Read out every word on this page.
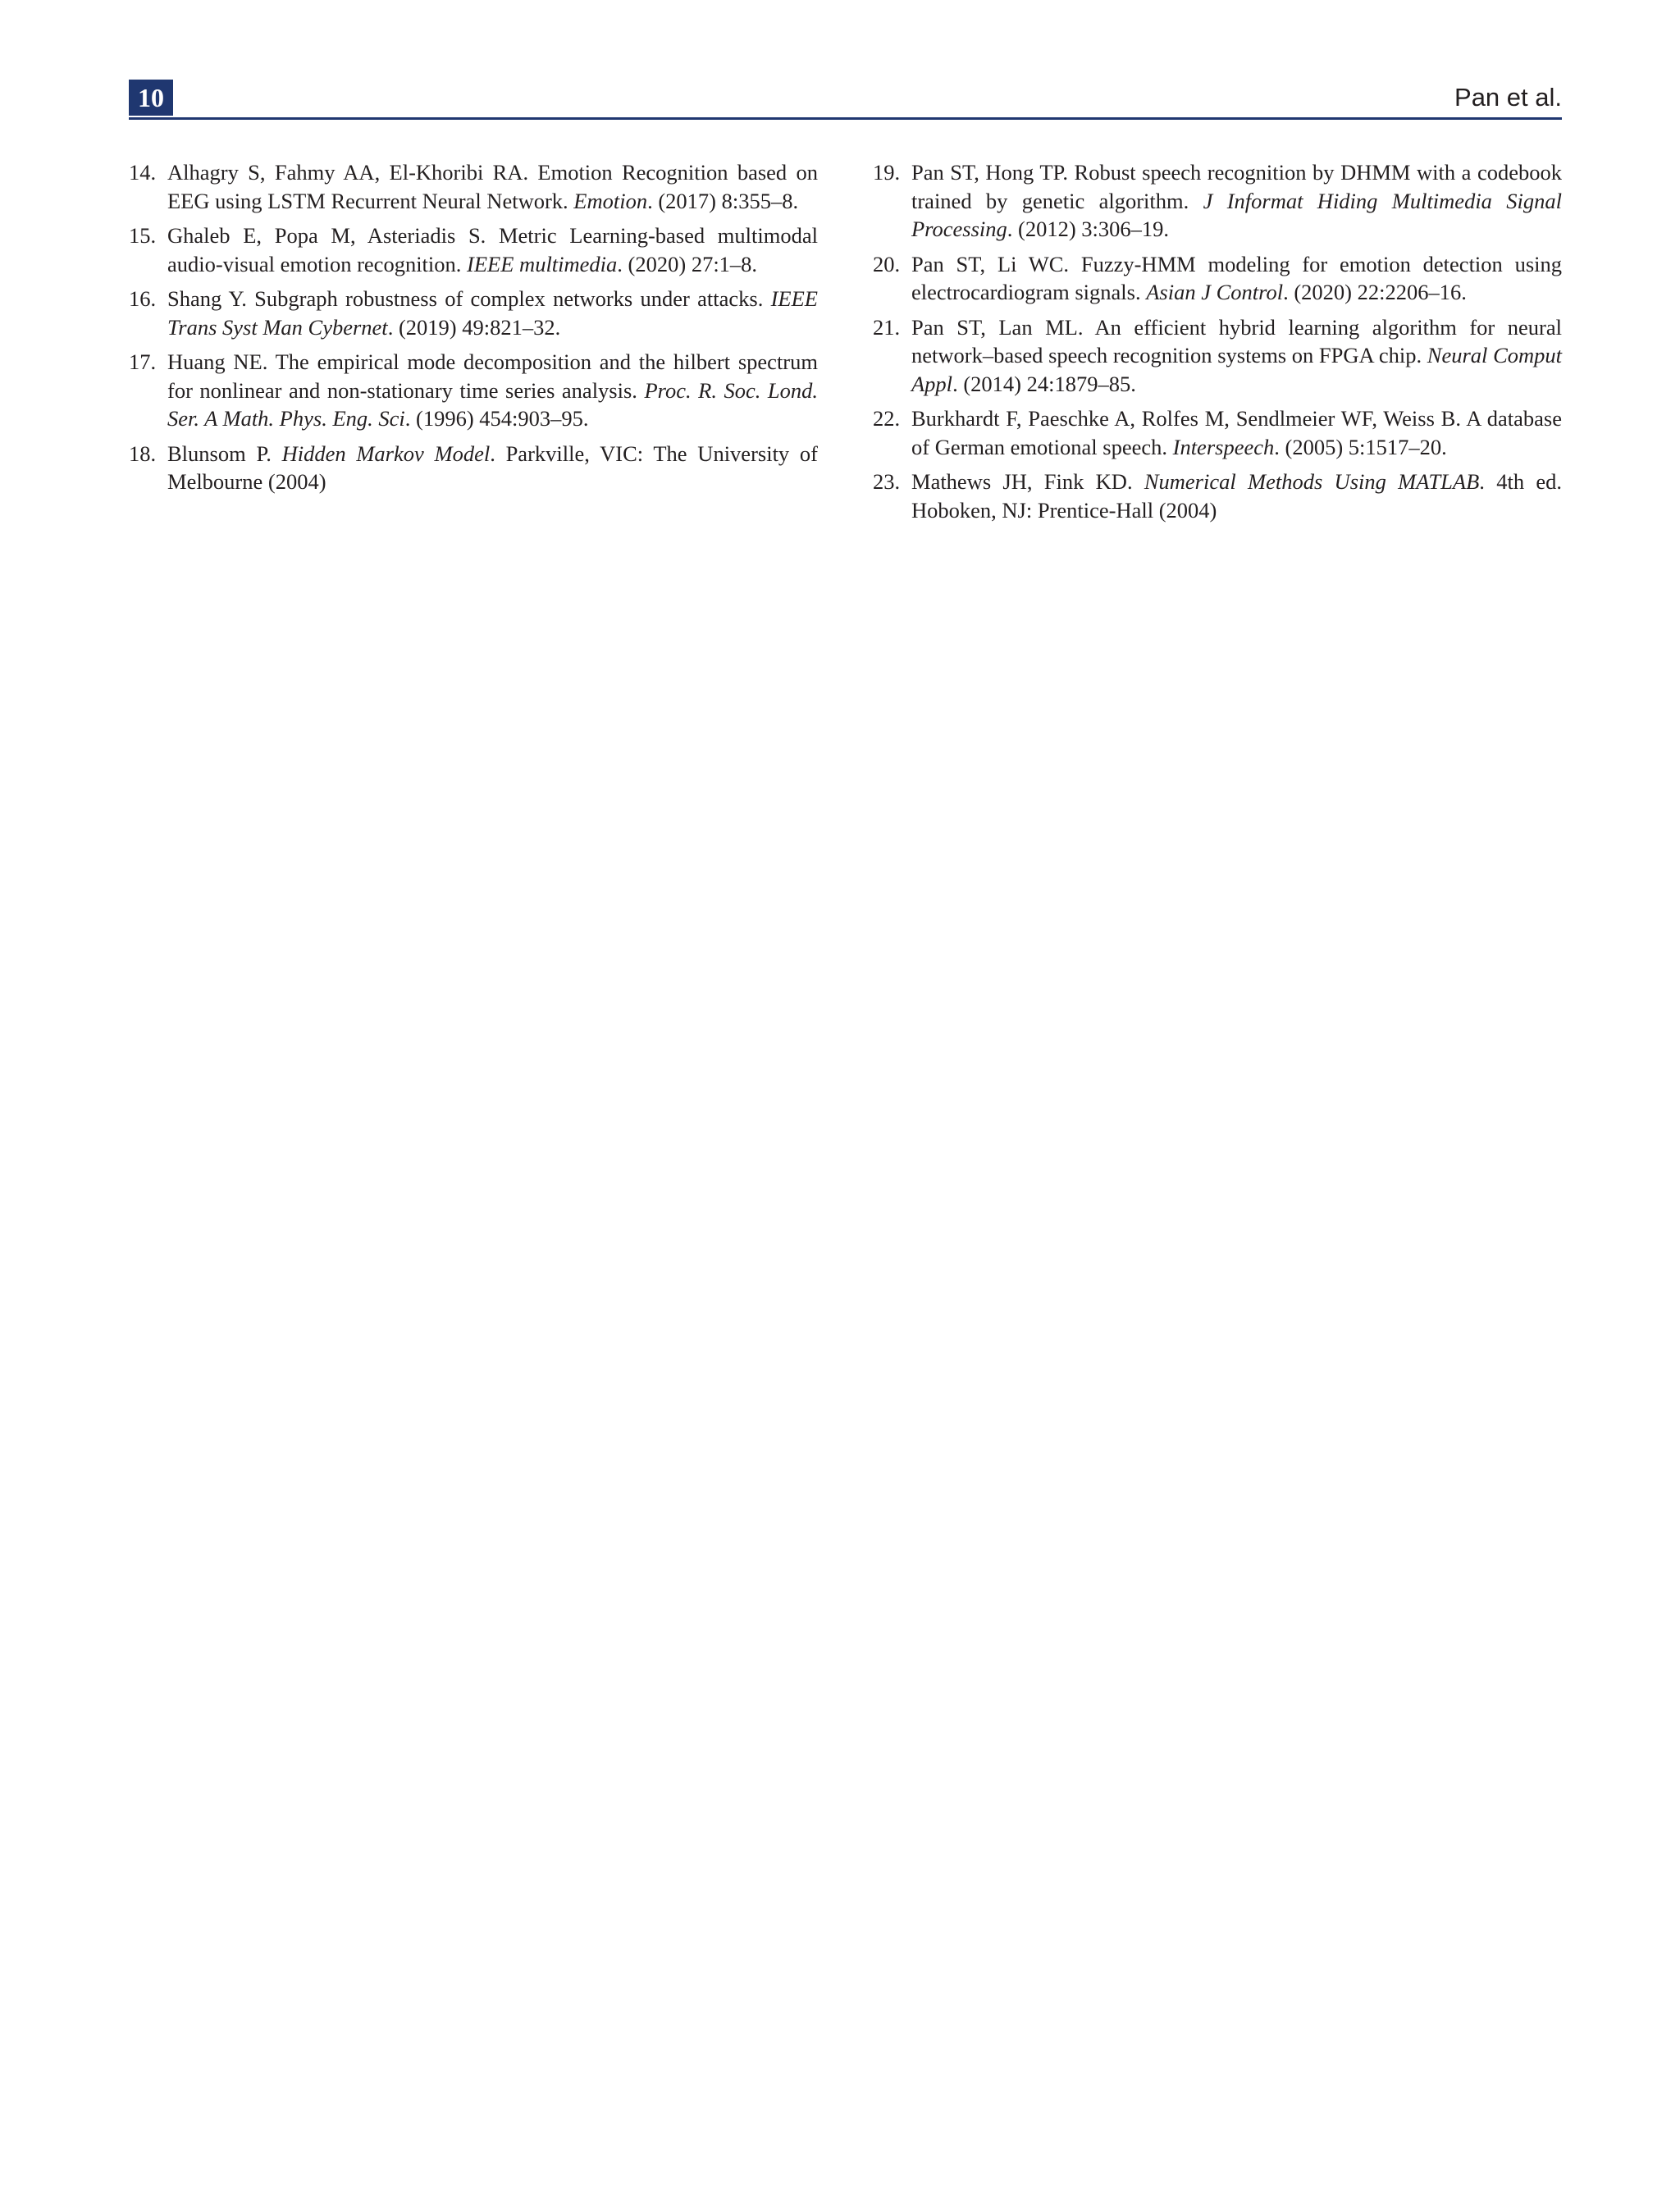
10	Pan et al.
14. Alhagry S, Fahmy AA, El-Khoribi RA. Emotion Recognition based on EEG using LSTM Recurrent Neural Network. Emotion. (2017) 8:355–8.
15. Ghaleb E, Popa M, Asteriadis S. Metric Learning-based multimodal audio-visual emotion recognition. IEEE multimedia. (2020) 27:1–8.
16. Shang Y. Subgraph robustness of complex networks under attacks. IEEE Trans Syst Man Cybernet. (2019) 49:821–32.
17. Huang NE. The empirical mode decomposition and the hilbert spectrum for nonlinear and non-stationary time series analysis. Proc. R. Soc. Lond. Ser. A Math. Phys. Eng. Sci. (1996) 454:903–95.
18. Blunsom P. Hidden Markov Model. Parkville, VIC: The University of Melbourne (2004)
19. Pan ST, Hong TP. Robust speech recognition by DHMM with a codebook trained by genetic algorithm. J Informat Hiding Multimedia Signal Processing. (2012) 3:306–19.
20. Pan ST, Li WC. Fuzzy-HMM modeling for emotion detection using electrocardiogram signals. Asian J Control. (2020) 22:2206–16.
21. Pan ST, Lan ML. An efficient hybrid learning algorithm for neural network–based speech recognition systems on FPGA chip. Neural Comput Appl. (2014) 24:1879–85.
22. Burkhardt F, Paeschke A, Rolfes M, Sendlmeier WF, Weiss B. A database of German emotional speech. Interspeech. (2005) 5:1517–20.
23. Mathews JH, Fink KD. Numerical Methods Using MATLAB. 4th ed. Hoboken, NJ: Prentice-Hall (2004)
